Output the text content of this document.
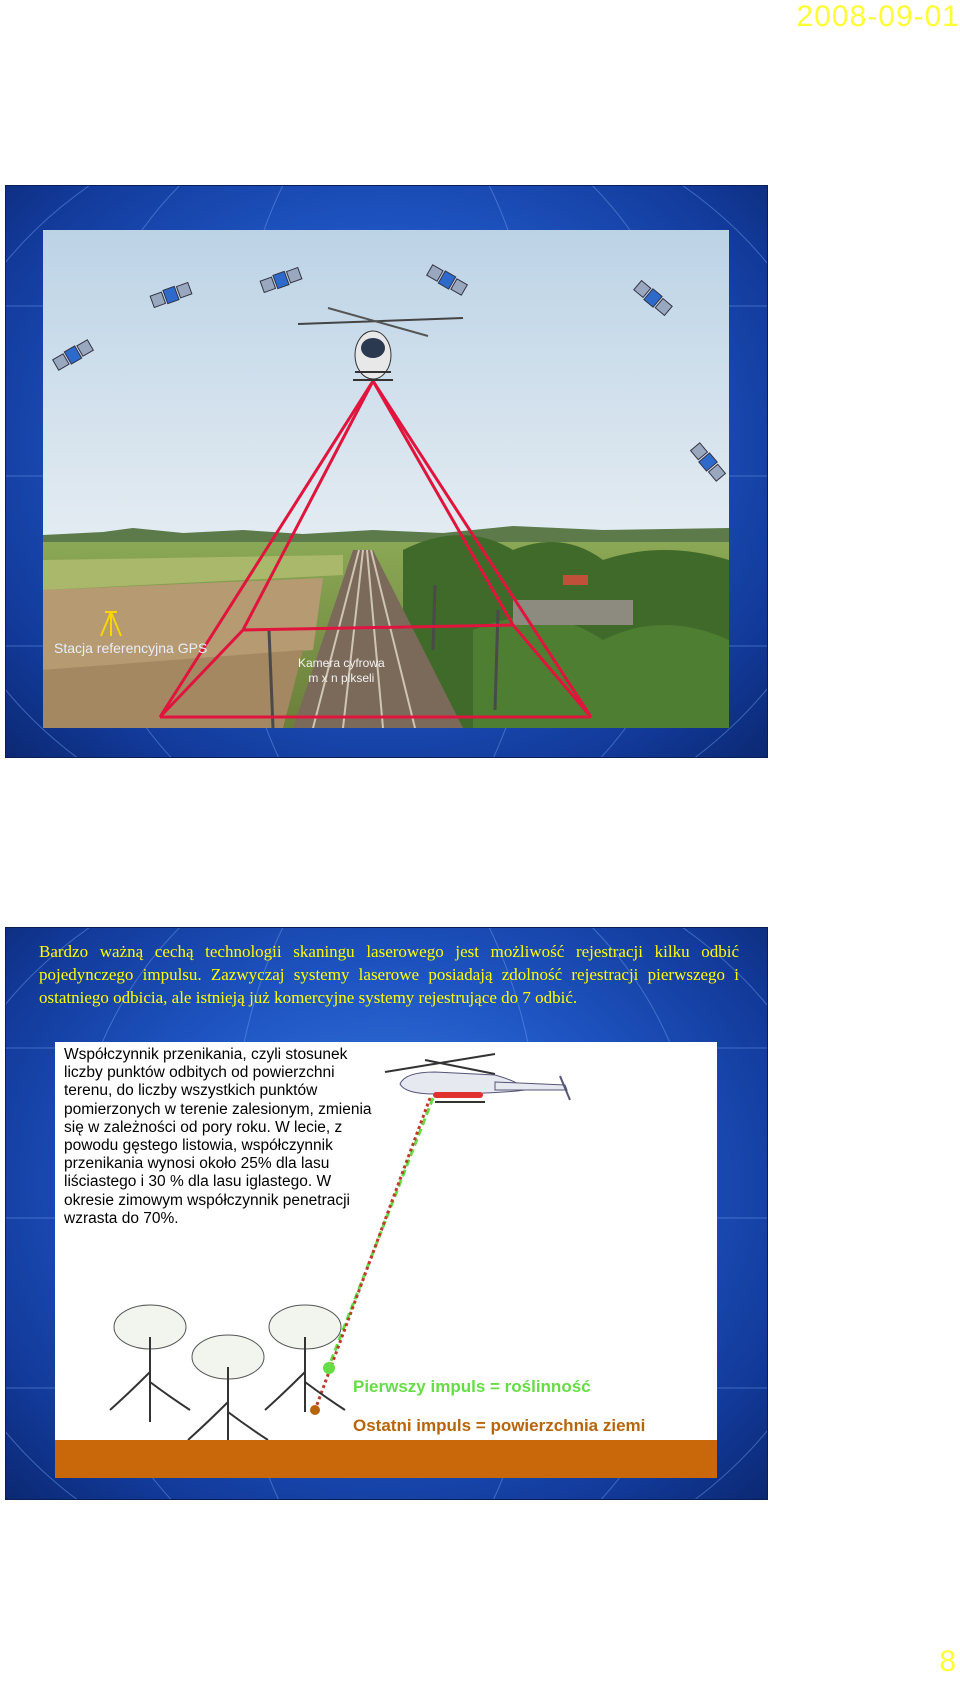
2008-09-01
Stacja referencyjna GPS
Kamera cyfrowa
m x n pikseli
Bardzo ważną cechą technologii skaningu laserowego jest możliwość rejestracji kilku odbić pojedynczego impulsu. Zazwyczaj systemy laserowe posiadają zdolność rejestracji pierwszego i ostatniego odbicia, ale istnieją już komercyjne systemy rejestrujące do 7 odbić.
Współczynnik przenikania, czyli stosunek liczby punktów odbitych od powierzchni terenu, do liczby wszystkich punktów pomierzonych w terenie zalesionym, zmienia się w zależności od pory roku. W lecie, z powodu gęstego listowia, współczynnik przenikania wynosi około 25% dla lasu liściastego i 30 % dla lasu iglastego. W okresie zimowym współczynnik penetracji wzrasta do 70%.
Pierwszy impuls = roślinność
Ostatni impuls = powierzchnia ziemi
8
